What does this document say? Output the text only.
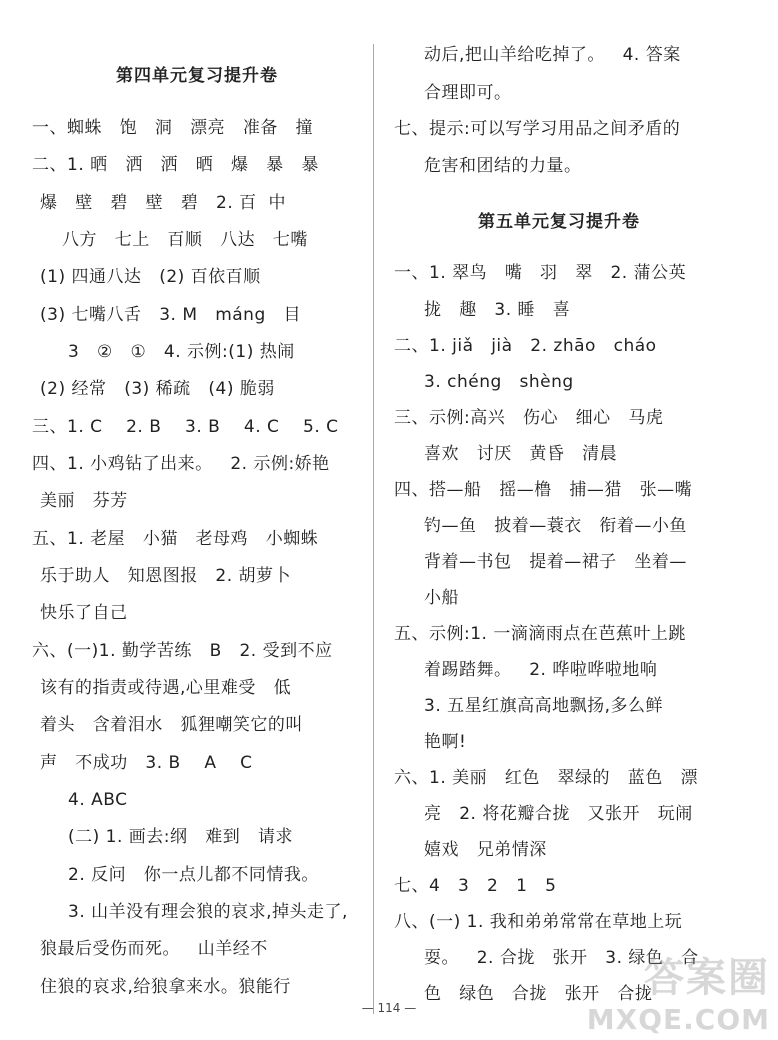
第四单元复习提升卷
一、蜘蛛   饱   洞   漂亮   准备   撞
二、1. 晒   洒   洒   晒   爆   暴   暴
爆   壁   碧   壁   碧   2. 百  中
八方   七上   百顺   八达   七嘴
(1) 四通八达   (2) 百依百顺
(3) 七嘴八舌   3. M   máng   目
3   ②   ①   4. 示例:(1) 热闹
(2) 经常   (3) 稀疏   (4) 脆弱
三、1. C    2. B    3. B    4. C    5. C
四、1. 小鸡钻了出来。   2. 示例:娇艳
美丽   芬芳
五、1. 老屋   小猫   老母鸡   小蜘蛛
乐于助人   知恩图报   2. 胡萝卜
快乐了自己
六、(一)1. 勤学苦练   B   2. 受到不应
该有的指责或待遇,心里难受   低
着头   含着泪水   狐狸嘲笑它的叫
声   不成功   3. B    A    C
4. ABC
(二) 1. 画去:纲   难到   请求
2. 反问   你一点儿都不同情我。
3. 山羊没有理会狼的哀求,掉头走了,
狼最后受伤而死。   山羊经不
住狼的哀求,给狼拿来水。狼能行
动后,把山羊给吃掉了。   4. 答案
合理即可。
七、提示:可以写学习用品之间矛盾的
危害和团结的力量。
第五单元复习提升卷
一、1. 翠鸟   嘴   羽   翠   2. 蒲公英
拢   趣   3. 睡   喜
二、1. jiǎ   jià   2. zhāo   cháo
3. chéng   shèng
三、示例:高兴   伤心   细心   马虎
喜欢   讨厌   黄昏   清晨
四、搭—船   摇—橹   捕—猎   张—嘴
钓—鱼   披着—蓑衣   衔着—小鱼
背着—书包   提着—裙子   坐着—
小船
五、示例:1. 一滴滴雨点在芭蕉叶上跳
着踢踏舞。   2. 哗啦哗啦地响
3. 五星红旗高高地飘扬,多么鲜
艳啊!
六、1. 美丽   红色   翠绿的   蓝色   漂
亮   2. 将花瓣合拢   又张开   玩闹
嬉戏   兄弟情深
七、4   3   2   1   5
八、(一) 1. 我和弟弟常常在草地上玩
耍。   2. 合拢   张开   3. 绿色   合
色   绿色   合拢   张开   合拢
— 114 —
答案圈
MXQE.COM
